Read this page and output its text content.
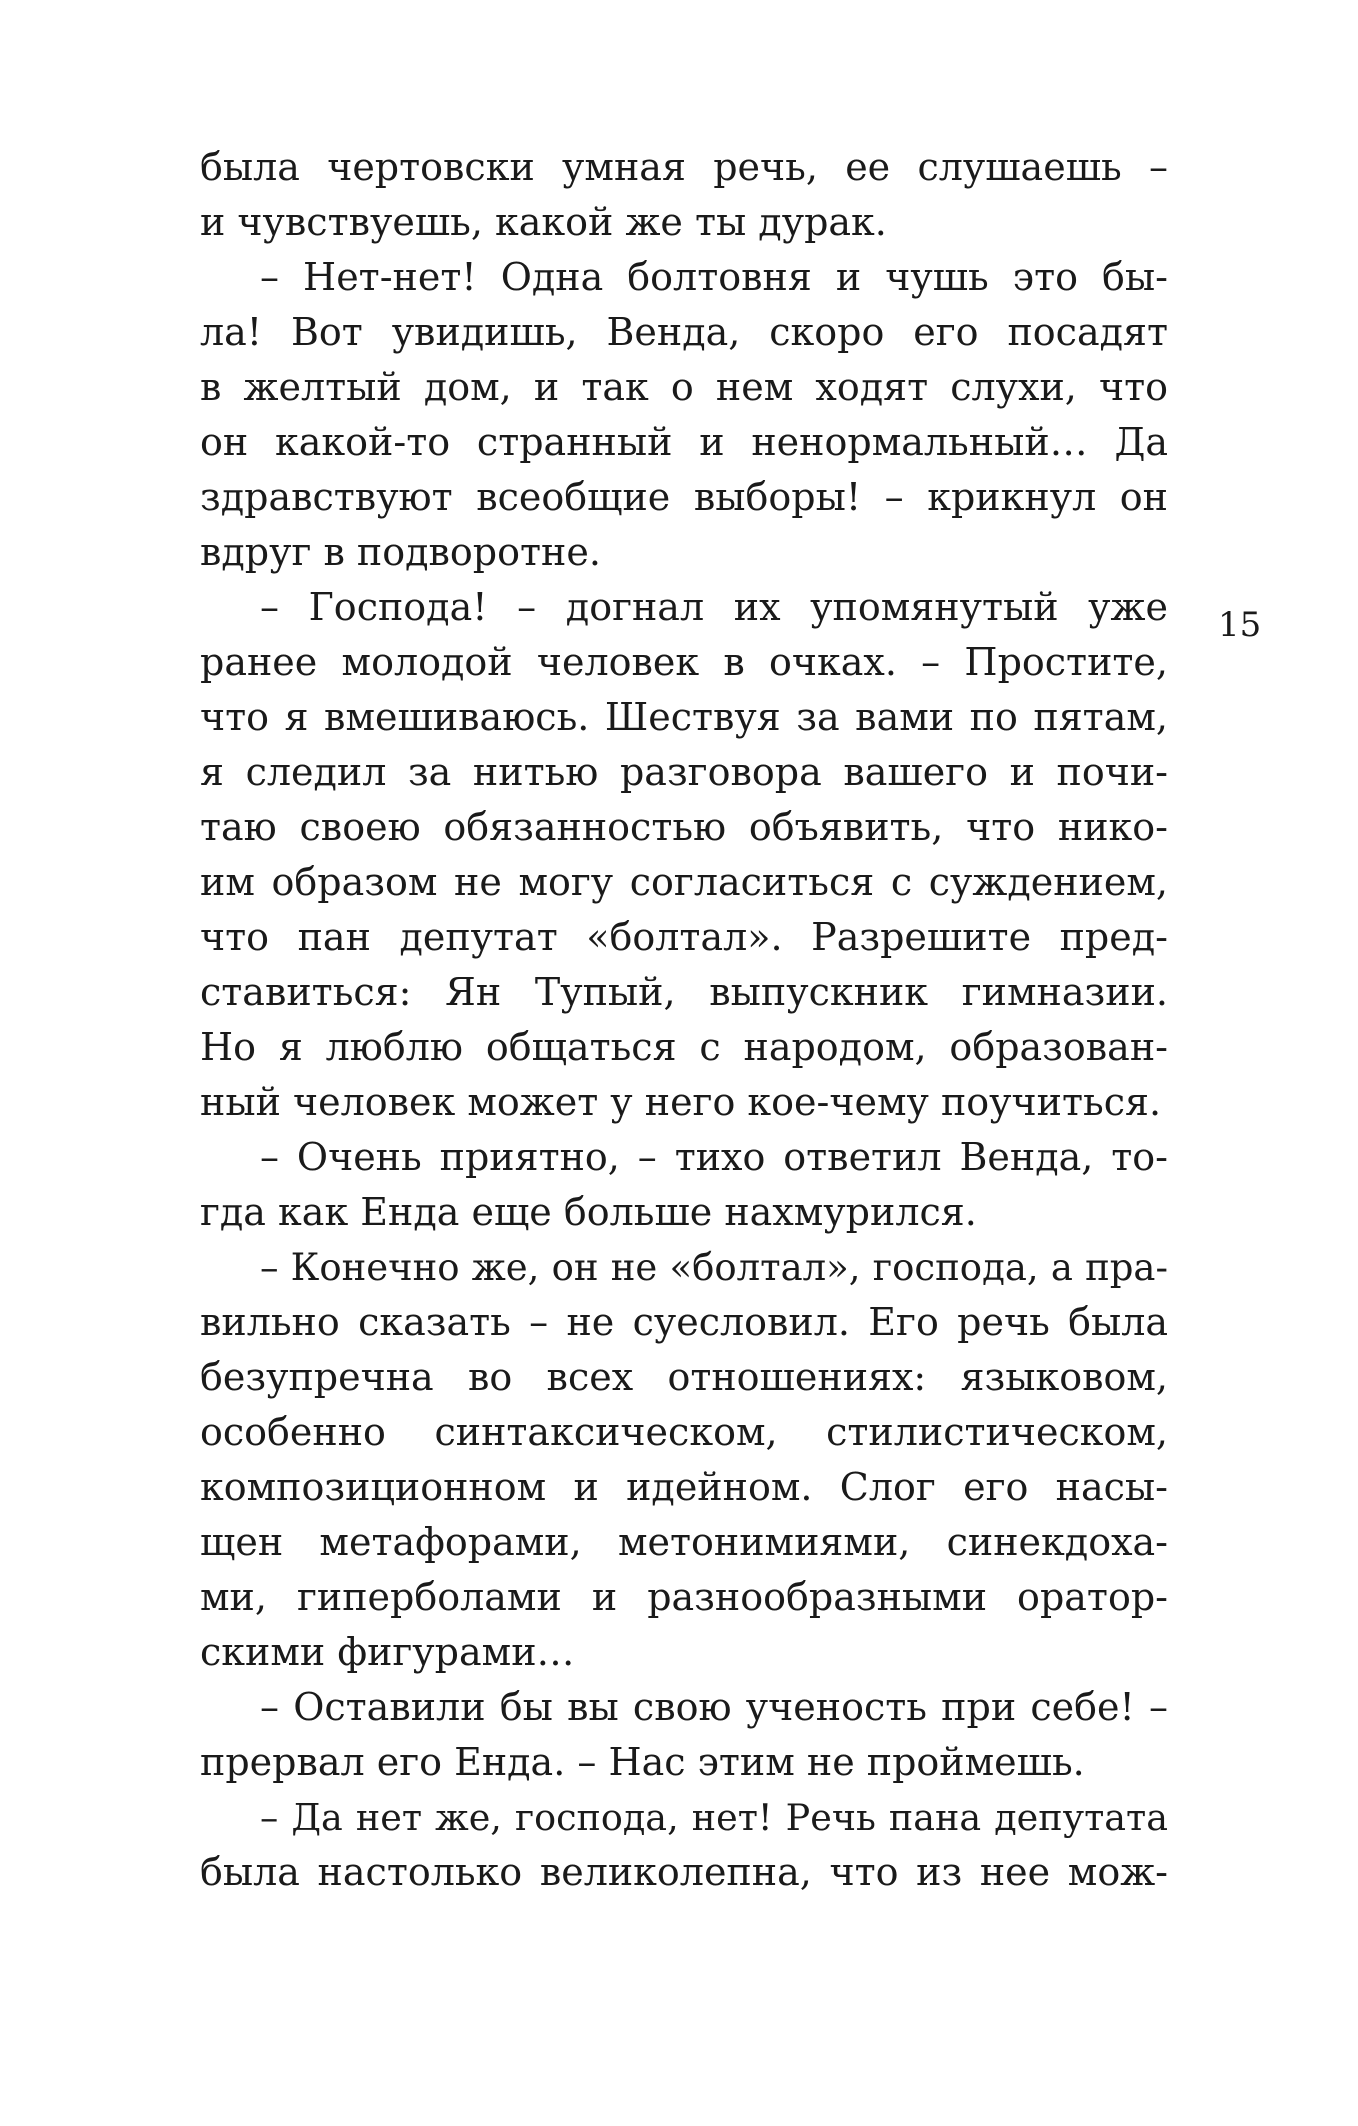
была чертовски умная речь, ее слушаешь –
и чувствуешь, какой же ты дурак.
– Нет-нет! Одна болтовня и чушь это бы-
ла! Вот увидишь, Венда, скоро его посадят
в желтый дом, и так о нем ходят слухи, что
он какой-то странный и ненормальный… Да
здравствуют всеобщие выборы! – крикнул он
вдруг в подворотне.
– Господа! – догнал их упомянутый уже
ранее молодой человек в очках. – Простите,
что я вмешиваюсь. Шествуя за вами по пятам,
я следил за нитью разговора вашего и почи-
таю своею обязанностью объявить, что нико-
им образом не могу согласиться с суждением,
что пан депутат «болтал». Разрешите пред-
ставиться: Ян Тупый, выпускник гимназии.
Но я люблю общаться с народом, образован-
ный человек может у него кое-чему поучиться.
– Очень приятно, – тихо ответил Венда, то-
гда как Енда еще больше нахмурился.
– Конечно же, он не «болтал», господа, а пра-
вильно сказать – не суесловил. Его речь была
безупречна во всех отношениях: языковом,
особенно синтаксическом, стилистическом,
композиционном и идейном. Слог его насы-
щен метафорами, метонимиями, синекдоха-
ми, гиперболами и разнообразными оратор-
скими фигурами…
– Оставили бы вы свою ученость при себе! –
прервал его Енда. – Нас этим не проймешь.
– Да нет же, господа, нет! Речь пана депутата
была настолько великолепна, что из нее мож-
15
